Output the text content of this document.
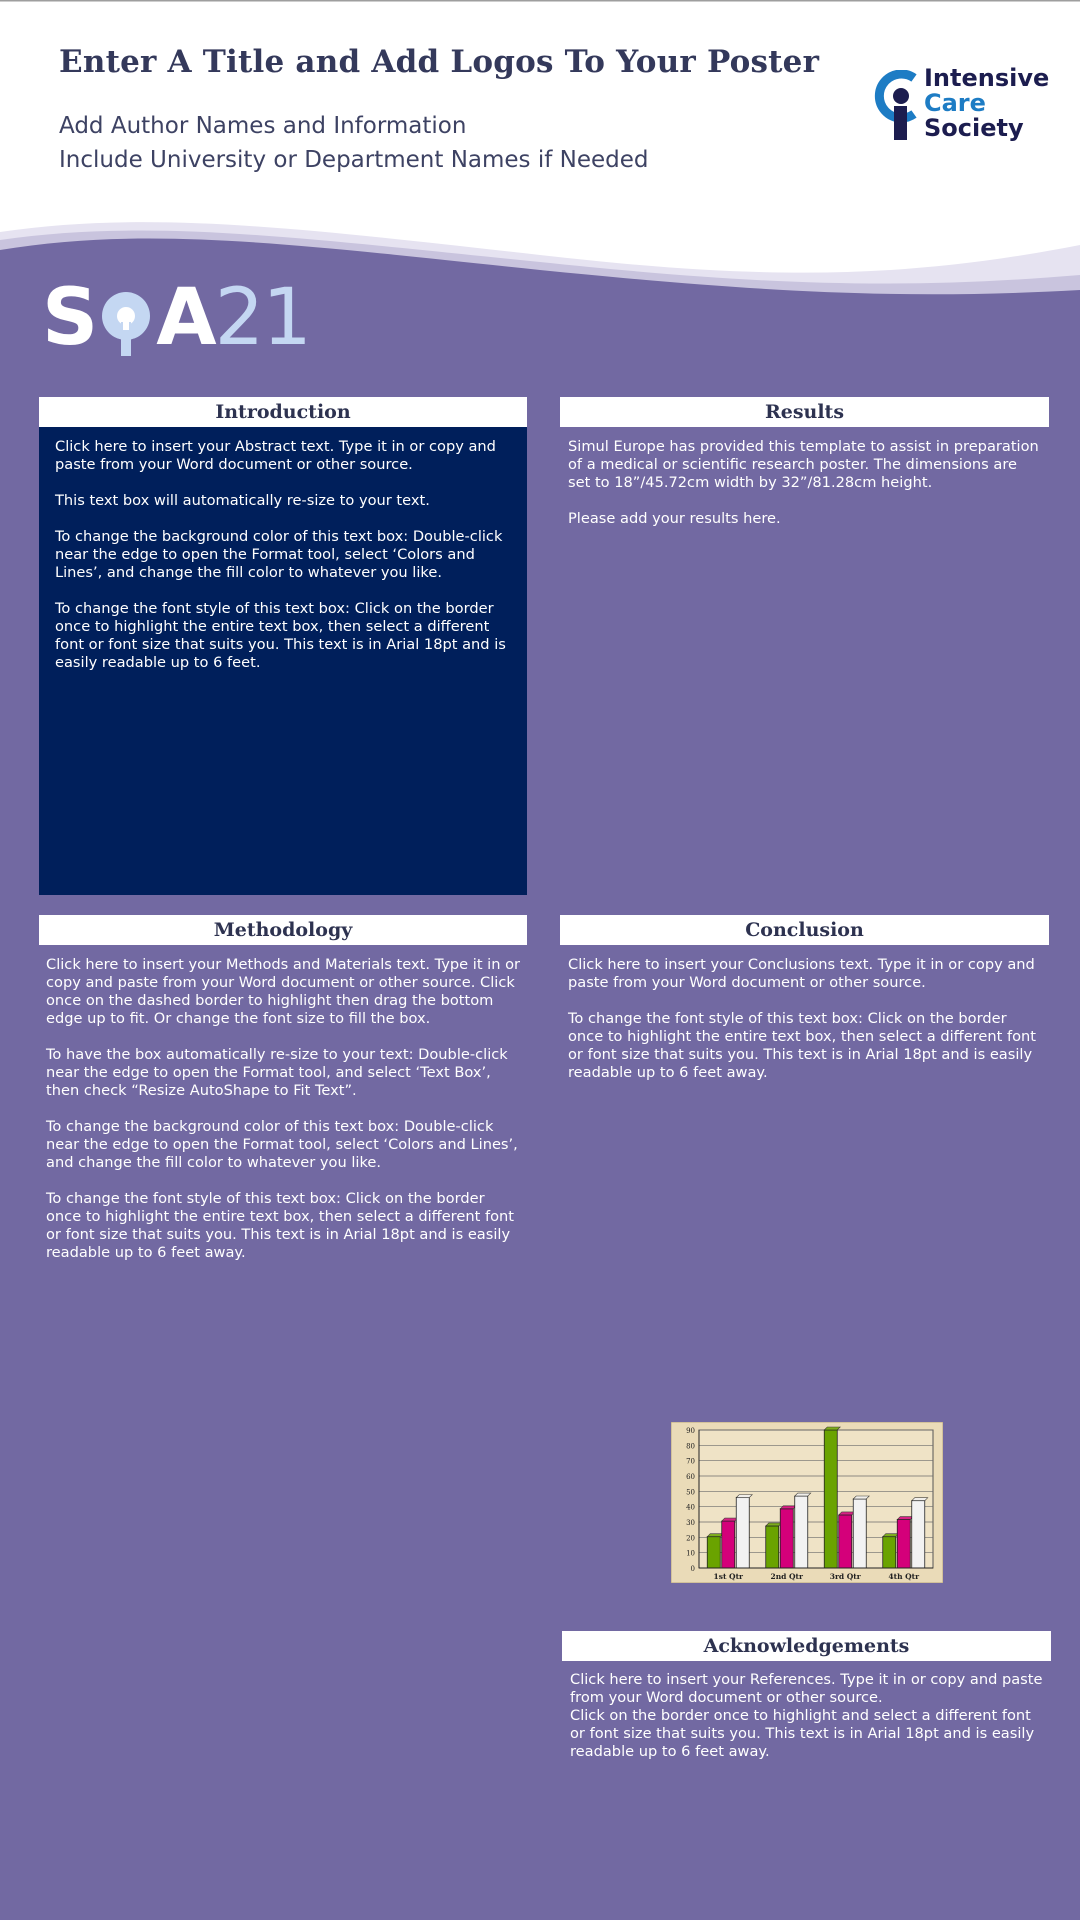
Enter A Title and Add Logos To Your Poster

Add Author Names and Information

Include University or Department Names if Needed

Intensive
Care
Society
S A21
Introduction

Click here to insert your Abstract text. Type it in or copy and paste from your Word document or other source.

This text box will automatically re-size to your text.

To change the background color of this text box: Double-click near the edge to open the Format tool, select ‘Colors and Lines’, and change the fill color to whatever you like.

To change the font style of this text box: Click on the border once to highlight the entire text box, then select a different font or font size that suits you. This text is in Arial 18pt and is easily readable up to 6 feet.

Results

Simul Europe has provided this template to assist in preparation of a medical or scientific research poster. The dimensions are set to 18”/45.72cm width by 32”/81.28cm height.

Please add your results here.

Methodology

Click here to insert your Methods and Materials text. Type it in or copy and paste from your Word document or other source. Click once on the dashed border to highlight then drag the bottom edge up to fit. Or change the font size to fill the box.

To have the box automatically re-size to your text: Double-click near the edge to open the Format tool, and select ‘Text Box’, then check “Resize AutoShape to Fit Text”.

To change the background color of this text box: Double-click near the edge to open the Format tool, select ‘Colors and Lines’, and change the fill color to whatever you like.

To change the font style of this text box: Click on the border once to highlight the entire text box, then select a different font or font size that suits you. This text is in Arial 18pt and is easily readable up to 6 feet away.

Conclusion

Click here to insert your Conclusions text. Type it in or copy and paste from your Word document or other source.

To change the font style of this text box: Click on the border once to highlight the entire text box, then select a different font or font size that suits you. This text is in Arial 18pt and is easily readable up to 6 feet away.

0
10
20
30
40
50
60
70
80
90
1st Qtr	2nd Qtr	3rd Qtr	4th Qtr
Acknowledgements
Click here to insert your References. Type it in or copy and paste from your Word document or other source.
Click on the border once to highlight and select a different font or font size that suits you. This text is in Arial 18pt and is easily readable up to 6 feet away.
